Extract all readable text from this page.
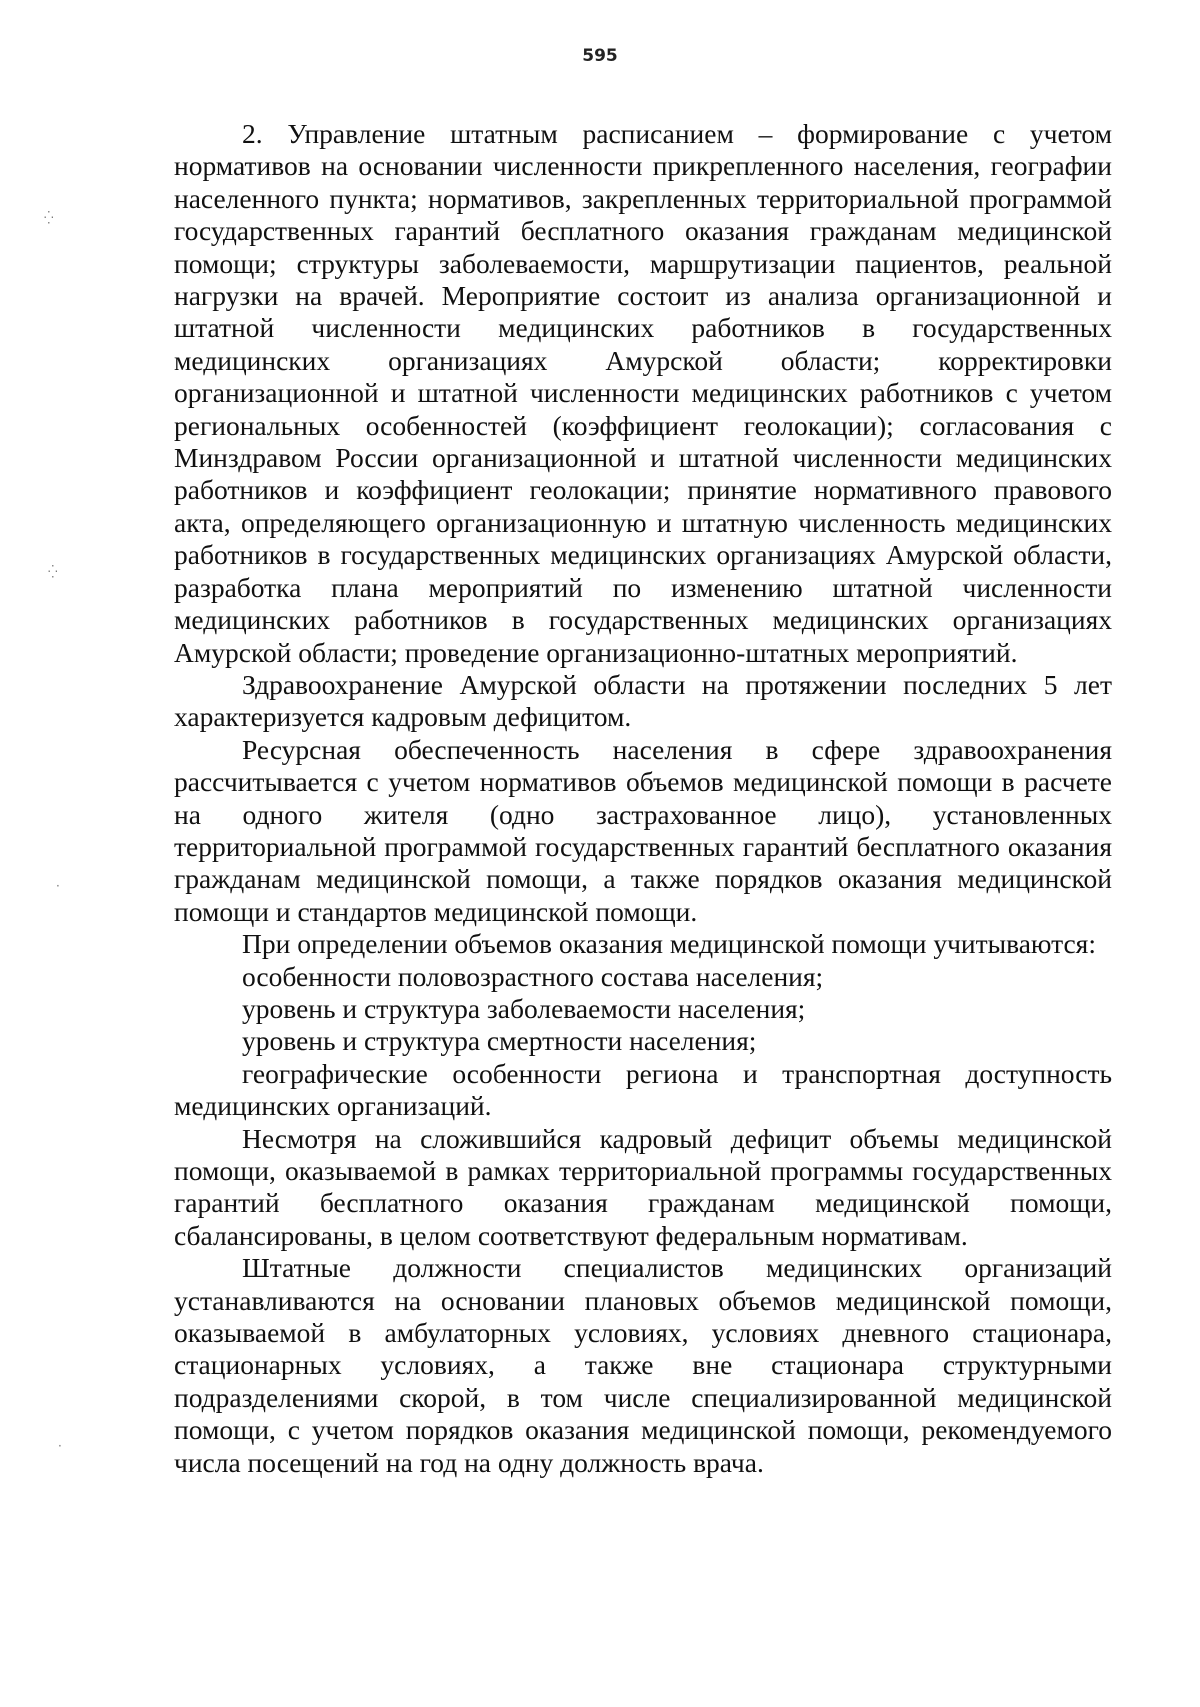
595
⁛
⁛
·
·

2. Управление штатным расписанием – формирование с учетом нормативов на основании численности прикрепленного населения, географии населенного пункта; нормативов, закрепленных территориальной программой государственных гарантий бесплатного оказания гражданам медицинской помощи; структуры заболеваемости, маршрутизации пациентов, реальной нагрузки на врачей. Мероприятие состоит из анализа организационной и штатной численности медицинских работников в государственных медицинских организациях Амурской области; корректировки организационной и штатной численности медицинских работников с учетом региональных особенностей (коэффициент геолокации); согласования с Минздравом России организационной и штатной численности медицинских работников и коэффициент геолокации; принятие нормативного правового акта, определяющего организационную и штатную численность медицинских работников в государственных медицинских организациях Амурской области, разработка плана мероприятий по изменению штатной численности медицинских работников в государственных медицинских организациях Амурской области; проведение организационно-штатных мероприятий.

Здравоохранение Амурской области на протяжении последних 5 лет характеризуется кадровым дефицитом.

Ресурсная обеспеченность населения в сфере здравоохранения рассчитывается с учетом нормативов объемов медицинской помощи в расчете на одного жителя (одно застрахованное лицо), установленных территориальной программой государственных гарантий бесплатного оказания гражданам медицинской помощи, а также порядков оказания медицинской помощи и стандартов медицинской помощи.

При определении объемов оказания медицинской помощи учитываются:

особенности половозрастного состава населения;

уровень и структура заболеваемости населения;

уровень и структура смертности населения;

географические особенности региона и транспортная доступность медицинских организаций.

Несмотря на сложившийся кадровый дефицит объемы медицинской помощи, оказываемой в рамках территориальной программы государственных гарантий бесплатного оказания гражданам медицинской помощи, сбалансированы, в целом соответствуют федеральным нормативам.

Штатные должности специалистов медицинских организаций устанавливаются на основании плановых объемов медицинской помощи, оказываемой в амбулаторных условиях, условиях дневного стационара, стационарных условиях, а также вне стационара структурными подразделениями скорой, в том числе специализированной медицинской помощи, с учетом порядков оказания медицинской помощи, рекомендуемого числа посещений на год на одну должность врача.
